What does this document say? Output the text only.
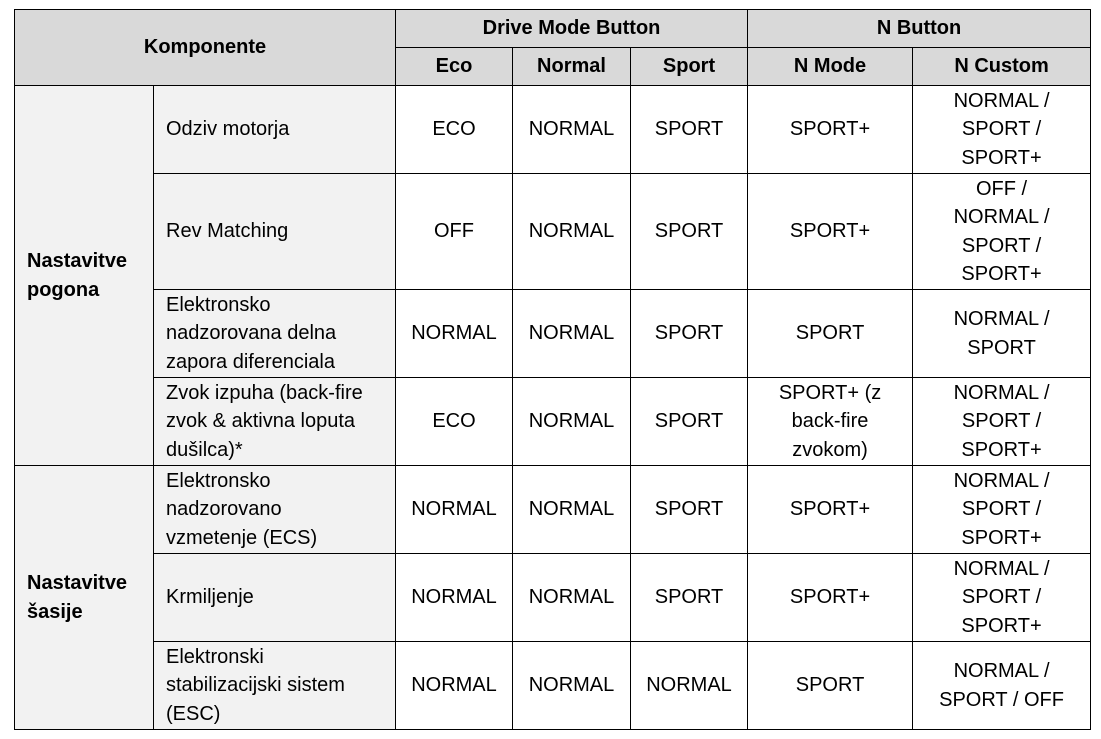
Komponente		Drive Mode Button			N Button	
		Eco	Normal	Sport	N Mode	N Custom
Nastavitve
pogona	Odziv motorja	ECO	NORMAL	SPORT	SPORT+	NORMAL /
SPORT /
SPORT+
	Rev Matching	OFF	NORMAL	SPORT	SPORT+	OFF /
NORMAL /
SPORT /
SPORT+
	Elektronsko
nadzorovana delna
zapora diferenciala	NORMAL	NORMAL	SPORT	SPORT	NORMAL /
SPORT
	Zvok izpuha (back-fire
zvok & aktivna loputa
dušilca)*	ECO	NORMAL	SPORT	SPORT+ (z
back-fire
zvokom)	NORMAL /
SPORT /
SPORT+
Nastavitve
šasije	Elektronsko
nadzorovano
vzmetenje (ECS)	NORMAL	NORMAL	SPORT	SPORT+	NORMAL /
SPORT /
SPORT+
	Krmiljenje	NORMAL	NORMAL	SPORT	SPORT+	NORMAL /
SPORT /
SPORT+
	Elektronski
stabilizacijski sistem
(ESC)	NORMAL	NORMAL	NORMAL	SPORT	NORMAL /
SPORT / OFF
